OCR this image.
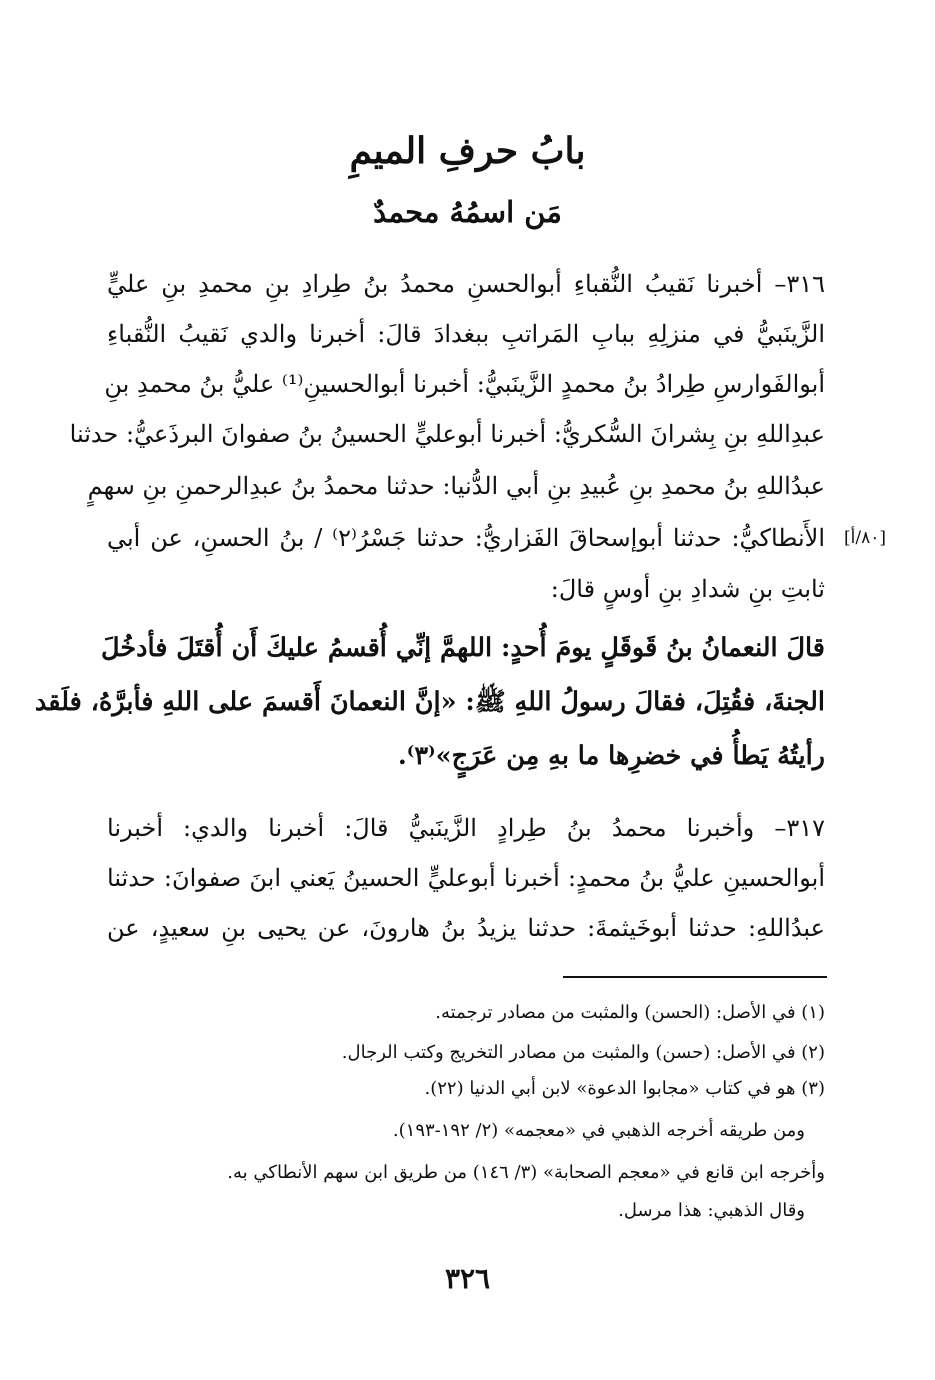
بابُ حرفِ الميمِ
مَن اسمُهُ محمدٌ
٣١٦– أخبرنا نَقيبُ النُّقباءِ أبوالحسنِ محمدُ بنُ طِرادِ بنِ محمدِ بنِ عليٍّ
الزَّينَبيُّ في منزلِهِ ببابِ المَراتبِ ببغدادَ قالَ: أخبرنا والدي نَقيبُ النُّقباءِ
أبوالفَوارسِ طِرادُ بنُ محمدٍ الزَّينَبيُّ: أخبرنا أبوالحسينِ⁽¹⁾ عليُّ بنُ محمدِ بنِ
عبدِاللهِ بنِ بِشرانَ السُّكريُّ: أخبرنا أبوعليٍّ الحسينُ بنُ صفوانَ البرذَعيُّ: حدثنا
عبدُاللهِ بنُ محمدِ بنِ عُبيدِ بنِ أبي الدُّنيا: حدثنا محمدُ بنُ عبدِالرحمنِ بنِ سهمٍ
الأَنطاكيُّ: حدثنا أبوإسحاقَ الفَزاريُّ: حدثنا جَسْرُ⁽٢⁾ / بنُ الحسنِ، عن أبي
ثابتِ بنِ شدادِ بنِ أوسٍ قالَ:
[٨٠/أ]
قالَ النعمانُ بنُ قَوقَلٍ يومَ أُحدٍ: اللهمَّ إنِّي أُقسمُ عليكَ أَن أُقتَلَ فأدخُلَ
الجنةَ، فقُتِلَ، فقالَ رسولُ اللهِ ﷺ: «إنَّ النعمانَ أَقسمَ على اللهِ فأبرَّهُ، فلَقد
رأيتُهُ يَطأُ في خضرِها ما بهِ مِن عَرَجٍ»⁽٣⁾.
٣١٧– وأخبرنا محمدُ بنُ طِرادٍ الزَّينَبيُّ قالَ: أخبرنا والدي: أخبرنا
أبوالحسينِ عليُّ بنُ محمدٍ: أخبرنا أبوعليٍّ الحسينُ يَعني ابنَ صفوانَ: حدثنا
عبدُاللهِ: حدثنا أبوخَيثمةَ: حدثنا يزيدُ بنُ هارونَ، عن يحيى بنِ سعيدٍ، عن
(١) في الأصل: (الحسن) والمثبت من مصادر ترجمته.
(٢) في الأصل: (حسن) والمثبت من مصادر التخريج وكتب الرجال.
(٣) هو في كتاب «مجابوا الدعوة» لابن أبي الدنيا (٢٢).
ومن طريقه أخرجه الذهبي في «معجمه» (٢/ ١٩٢-١٩٣).
وأخرجه ابن قانع في «معجم الصحابة» (٣/ ١٤٦) من طريق ابن سهم الأنطاكي به.
وقال الذهبي: هذا مرسل.
٣٢٦
